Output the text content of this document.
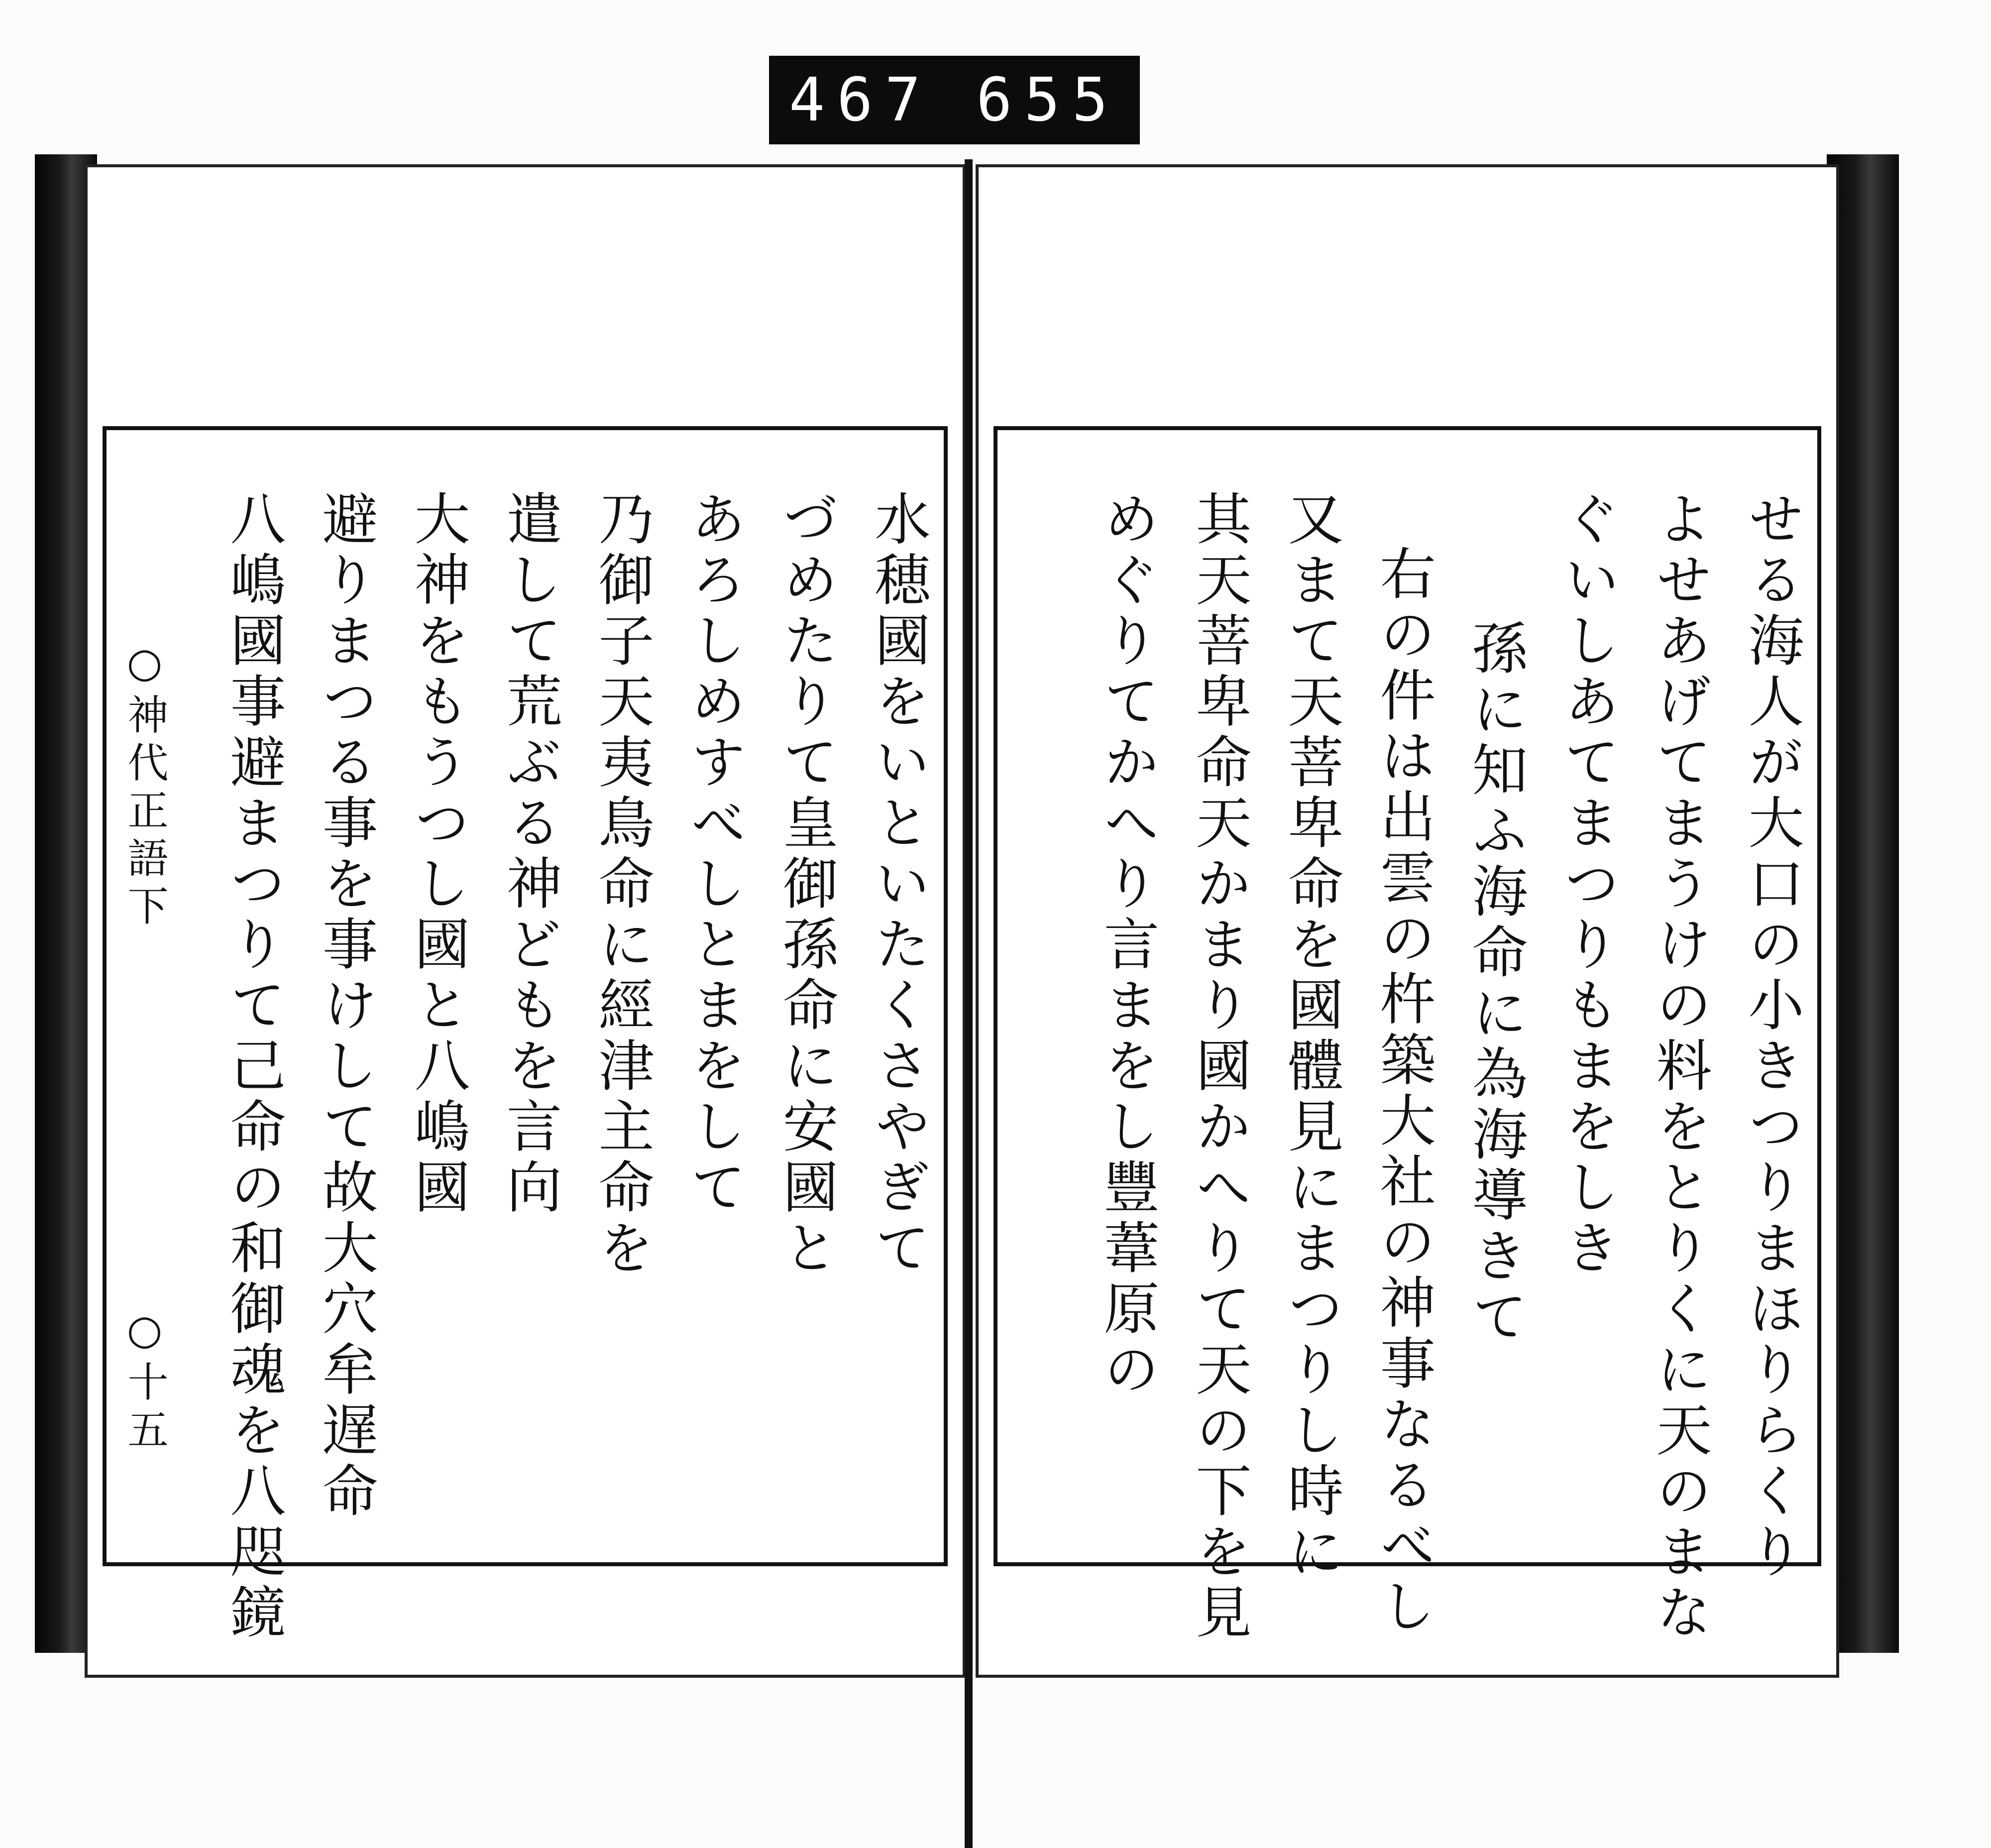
467 655
○神代正語下
○十五
水穂國をいといたくさやぎて
づめたりて皇御孫命に安國と
あろしめすべしとまをして
乃御子天夷鳥命に經津主命を
遣して荒ぶる神どもを言向
大神をもうつし國と八嶋國
避りまつる事を事けして故大穴牟遅命
八嶋國事避まつりて己命の和御魂を八咫鏡	せる海人が大口の小きつりまほりらくり
よせあげてまうけの料をとりくに天のまな
ぐいしあてまつりもまをしき
孫に知ふ海命に為海導きて
右の件は出雲の杵築大社の神事なるべし
又まて天菩卑命を國體見にまつりし時に
其天菩卑命天かまり國かへりて天の下を見
めぐりてかへり言まをし豐葦原の
